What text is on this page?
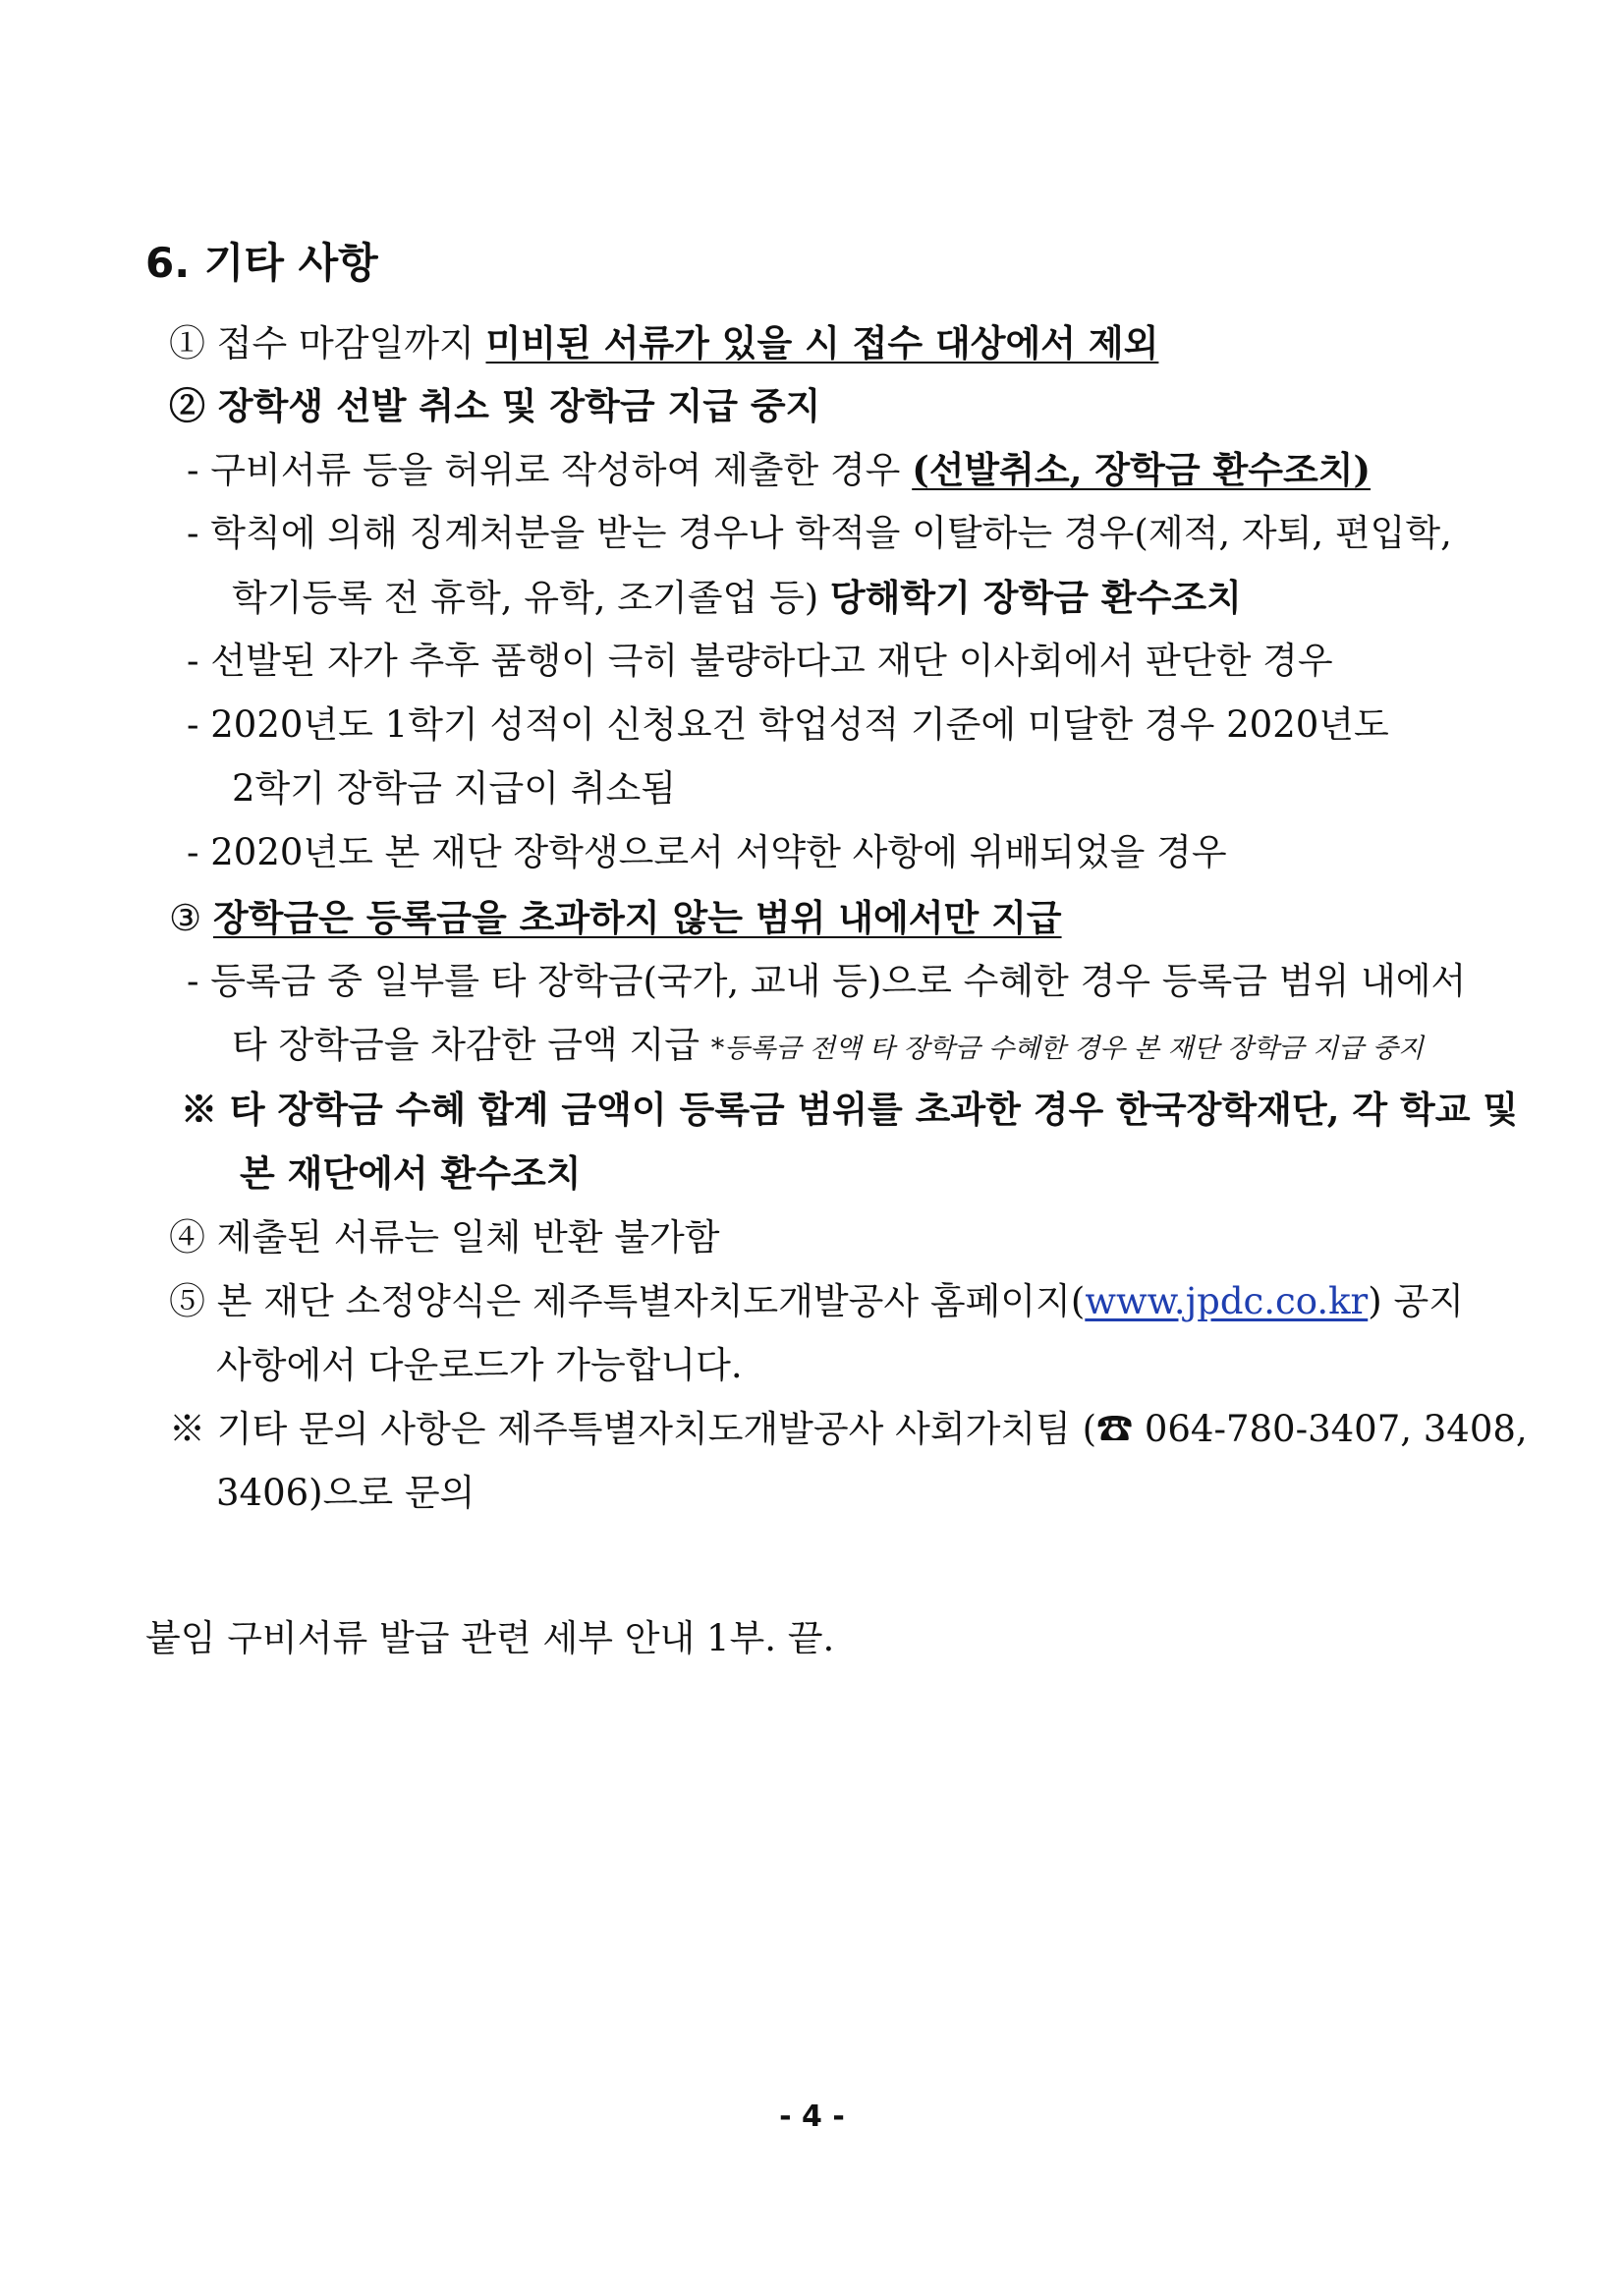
6. 기타 사항
① 접수 마감일까지 미비된 서류가 있을 시 접수 대상에서 제외
② 장학생 선발 취소 및 장학금 지급 중지
- 구비서류 등을 허위로 작성하여 제출한 경우 (선발취소, 장학금 환수조치)
- 학칙에 의해 징계처분을 받는 경우나 학적을 이탈하는 경우(제적, 자퇴, 편입학,
학기등록 전 휴학, 유학, 조기졸업 등) 당해학기 장학금 환수조치
- 선발된 자가 추후 품행이 극히 불량하다고 재단 이사회에서 판단한 경우
- 2020년도 1학기 성적이 신청요건 학업성적 기준에 미달한 경우 2020년도
2학기 장학금 지급이 취소됨
- 2020년도 본 재단 장학생으로서 서약한 사항에 위배되었을 경우
③ 장학금은 등록금을 초과하지 않는 범위 내에서만 지급
- 등록금 중 일부를 타 장학금(국가, 교내 등)으로 수혜한 경우 등록금 범위 내에서
타 장학금을 차감한 금액 지급 *등록금 전액 타 장학금 수혜한 경우 본 재단 장학금 지급 중지
※ 타 장학금 수혜 합계 금액이 등록금 범위를 초과한 경우 한국장학재단, 각 학교 및
본 재단에서 환수조치
④ 제출된 서류는 일체 반환 불가함
⑤ 본 재단 소정양식은 제주특별자치도개발공사 홈페이지(www.jpdc.co.kr) 공지
사항에서 다운로드가 가능합니다.
※ 기타 문의 사항은 제주특별자치도개발공사 사회가치팀 (☎ 064-780-3407, 3408,
3406)으로 문의
붙임 구비서류 발급 관련 세부 안내 1부. 끝.
- 4 -
